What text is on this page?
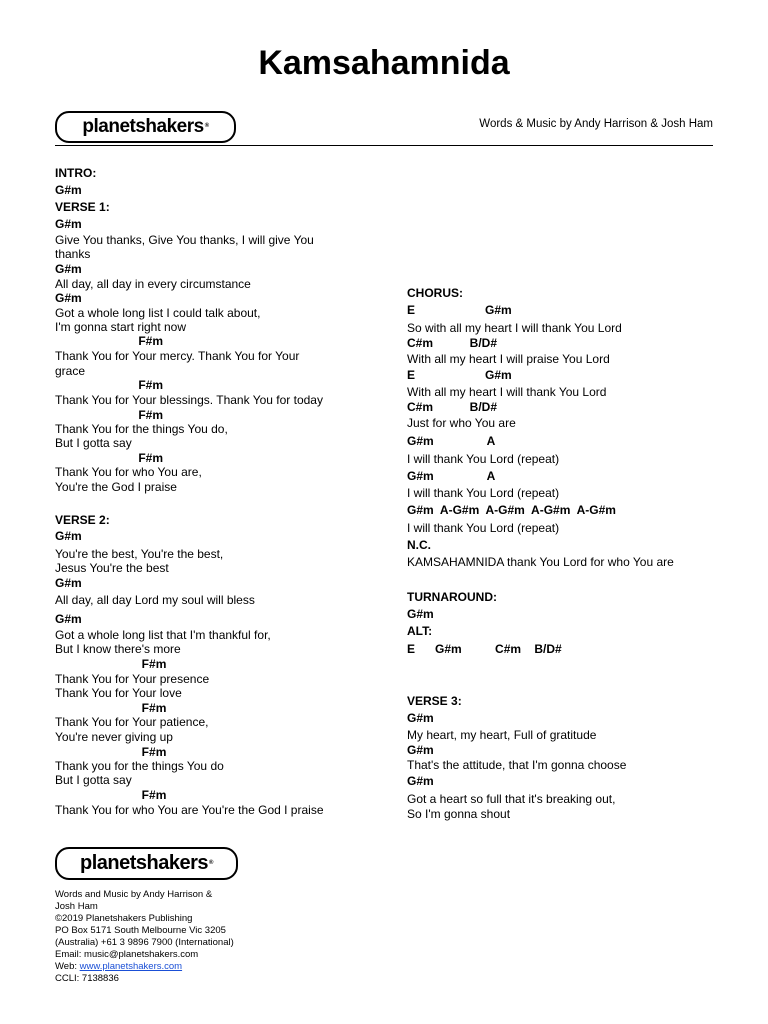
Kamsahamnida
planetshakers®	Words & Music by Andy Harrison & Josh Ham
INTRO:
G#m
VERSE 1:
G#m
Give You thanks, Give You thanks, I will give You
thanks
G#m
All day, all day in every circumstance
G#m
Got a whole long list I could talk about,
I'm gonna start right now
F#m
Thank You for Your mercy. Thank You for Your
grace
F#m
Thank You for Your blessings. Thank You for today
F#m
Thank You for the things You do,
But I gotta say
F#m
Thank You for who You are,
You're the God I praise
VERSE 2:
G#m
You're the best, You're the best,
Jesus You're the best
G#m
All day, all day Lord my soul will bless
G#m
Got a whole long list that I'm thankful for,
But I know there's more
F#m
Thank You for Your presence
Thank You for Your love
F#m
Thank You for Your patience,
You're never giving up
F#m
Thank you for the things You do
But I gotta say
F#m
Thank You for who You are You're the God I praise
CHORUS:
E                     G#m
So with all my heart I will thank You Lord
C#m           B/D#
With all my heart I will praise You Lord
E                     G#m
With all my heart I will thank You Lord
C#m           B/D#
Just for who You are
G#m                A
I will thank You Lord (repeat)
G#m                A
I will thank You Lord (repeat)
G#m  A-G#m  A-G#m  A-G#m  A-G#m
I will thank You Lord (repeat)
N.C.
KAMSAHAMNIDA thank You Lord for who You are
TURNAROUND:
G#m
ALT:
E      G#m          C#m    B/D#
VERSE 3:
G#m
My heart, my heart, Full of gratitude
G#m
That's the attitude, that I'm gonna choose
G#m
Got a heart so full that it's breaking out,
So I'm gonna shout
planetshakers®
Words and Music by Andy Harrison &
Josh Ham
©2019 Planetshakers Publishing
PO Box 5171 South Melbourne Vic 3205
(Australia) +61 3 9896 7900 (International)
Email: music@planetshakers.com
Web: www.planetshakers.com
CCLI: 7138836
